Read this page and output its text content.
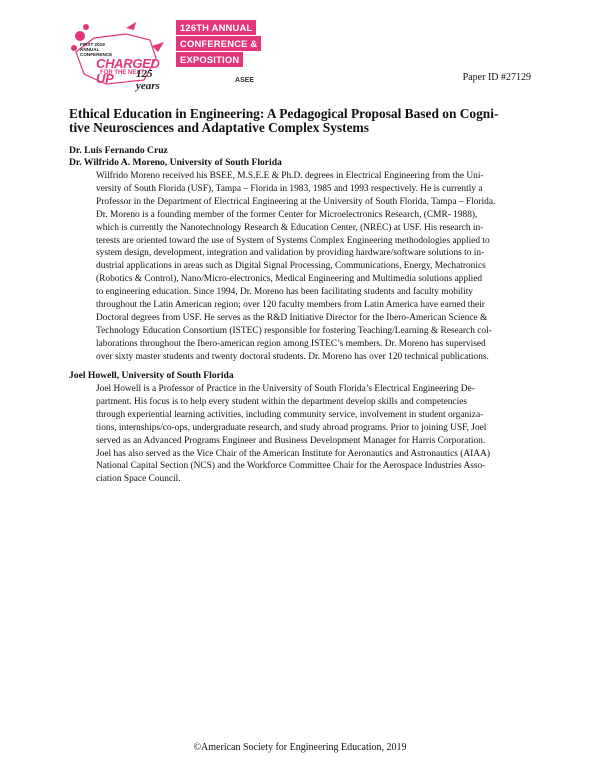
FIRST 2019 ANNUAL CONFERENCE
CHARGED UP
FOR THE NEXT
125 years
126TH ANNUAL
CONFERENCE &
EXPOSITION
ASEE	Paper ID #27129
Ethical Education in Engineering: A Pedagogical Proposal Based on Cogni-
tive Neurosciences and Adaptative Complex Systems
Dr. Luis Fernando Cruz
Dr. Wilfrido A. Moreno, University of South Florida
Wilfrido Moreno received his BSEE, M.S.E.E & Ph.D. degrees in Electrical Engineering from the Uni-
versity of South Florida (USF), Tampa – Florida in 1983, 1985 and 1993 respectively. He is currently a
Professor in the Department of Electrical Engineering at the University of South Florida, Tampa – Florida.
Dr. Moreno is a founding member of the former Center for Microelectronics Research, (CMR- 1988),
which is currently the Nanotechnology Research & Education Center, (NREC) at USF. His research in-
terests are oriented toward the use of System of Systems Complex Engineering methodologies applied to
system design, development, integration and validation by providing hardware/software solutions to in-
dustrial applications in areas such as Digital Signal Processing, Communications, Energy, Mechatronics
(Robotics & Control), Nano/Micro-electronics, Medical Engineering and Multimedia solutions applied
to engineering education. Since 1994, Dr. Moreno has been facilitating students and faculty mobility
throughout the Latin American region; over 120 faculty members from Latin America have earned their
Doctoral degrees from USF. He serves as the R&D Initiative Director for the Ibero-American Science &
Technology Education Consortium (ISTEC) responsible for fostering Teaching/Learning & Research col-
laborations throughout the Ibero-american region among ISTEC’s members. Dr. Moreno has supervised
over sixty master students and twenty doctoral students. Dr. Moreno has over 120 technical publications.
Joel Howell, University of South Florida
Joel Howell is a Professor of Practice in the University of South Florida’s Electrical Engineering De-
partment. His focus is to help every student within the department develop skills and competencies
through experiential learning activities, including community service, involvement in student organiza-
tions, internships/co-ops, undergraduate research, and study abroad programs. Prior to joining USF, Joel
served as an Advanced Programs Engineer and Business Development Manager for Harris Corporation.
Joel has also served as the Vice Chair of the American Institute for Aeronautics and Astronautics (AIAA)
National Capital Section (NCS) and the Workforce Committee Chair for the Aerospace Industries Asso-
ciation Space Council.
©American Society for Engineering Education, 2019
